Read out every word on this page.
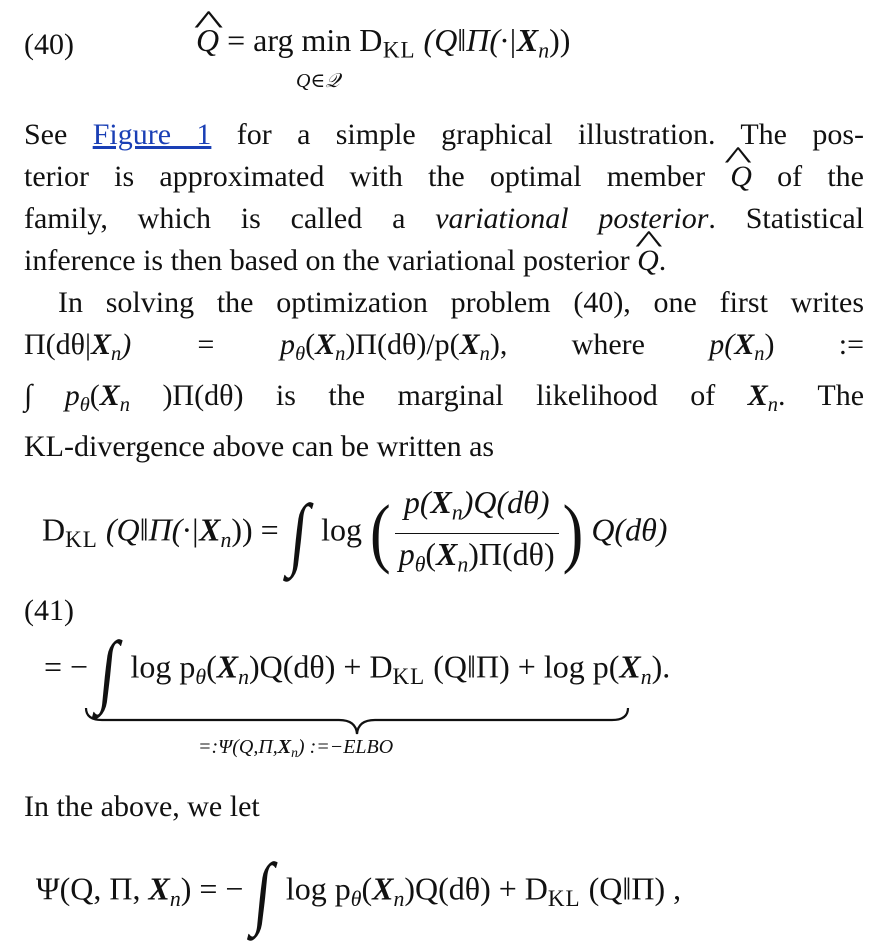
(40)	^ Q = arg $\min D_{KL}$ $(Q‖\Pi(\cdot|X_n))$
Q∈𝒬
See Figure 1 for a simple graphical illustration. The pos-
terior is approximated with the optimal member ^ Q of the
family, which is called a variational posterior. Statistical
inference is then based on the variational posterior ^ Q.
In solving the optimization problem (40), one first writes
$\Pi(d\theta|X_n) = p_\theta(X_n)\Pi(d\theta)/p(X_n)$, where $p(X_n)$ :=
∫ $p_\theta(X_n$ )Π(dθ) is the marginal likelihood of $X_n$. The
KL-divergence above can be written as
$D_{KL}$ $(Q‖\Pi(\cdot|X_n))$ = ∫ log ( $\frac{p(X_n)Q(d\theta)}{p_\theta(X_n)\Pi(d\theta)}$ ) Q(dθ)
(41)
= − ∫ $\log p_\theta(X_n)Q(d\theta) + D_{KL}$ (Q‖Π) + $\log p(X_n)$.
$=:\Psi(Q,\Pi,X_n)$ :=−ELBO
In the above, we let
Ψ(Q, Π, $X_n$) = − ∫ $\log p_\theta(X_n)Q(d\theta) + D_{KL}$ (Q‖Π) ,
